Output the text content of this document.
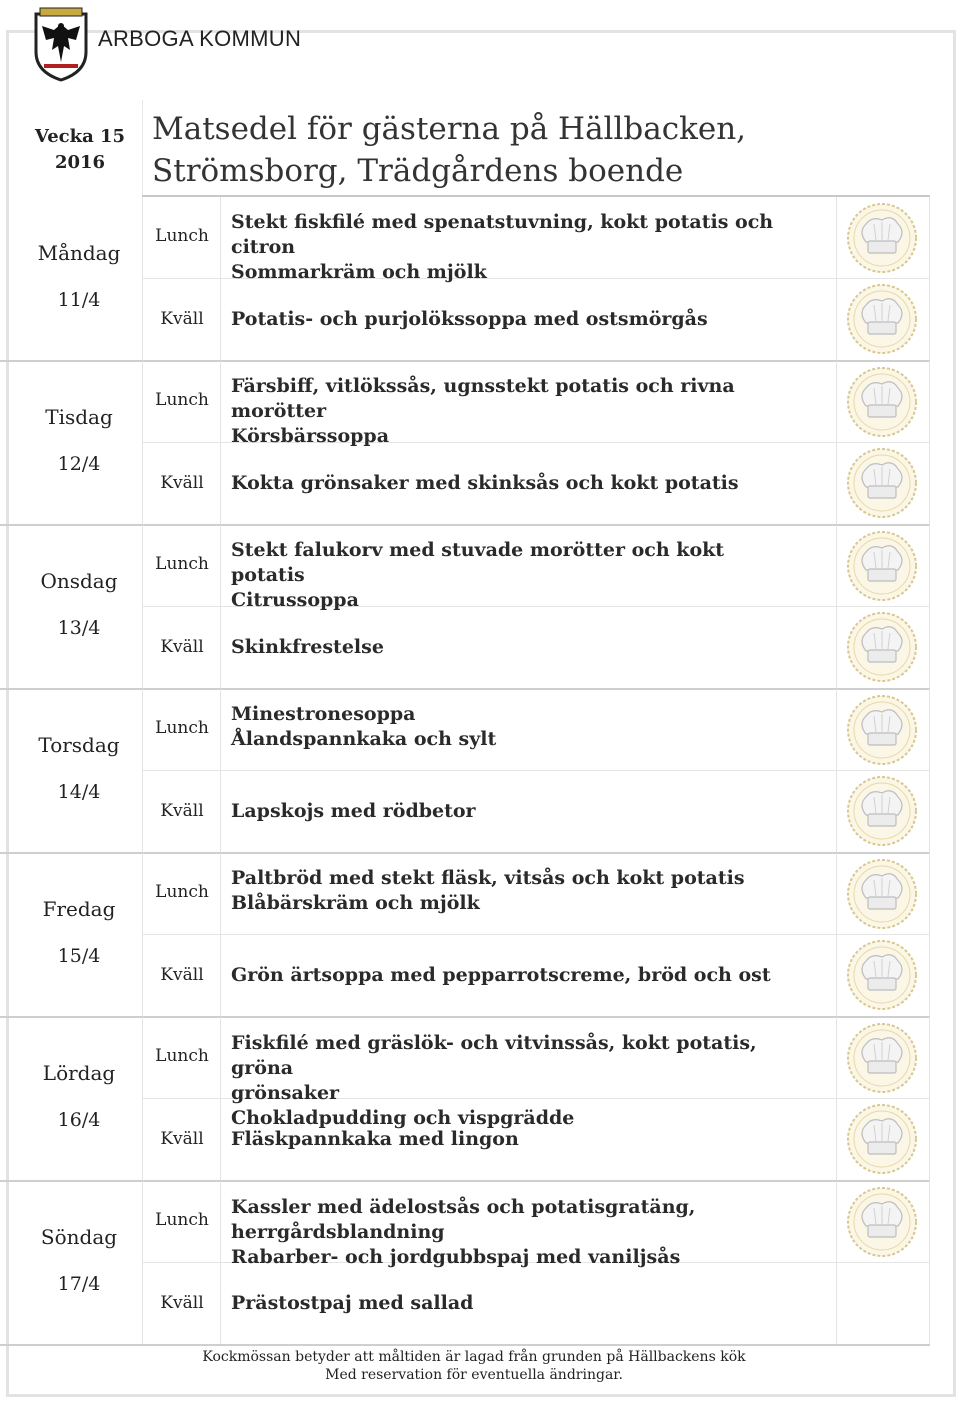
ARBOGA KOMMUN
Vecka 15
2016
Matsedel för gästerna på Hällbacken,
Strömsborg, Trädgårdens boende
Måndag
11/4
Lunch
Kväll
Stekt fiskfilé med spenatstuvning, kokt potatis och citron
Sommarkräm och mjölk
Potatis- och purjolökssoppa med ostsmörgås
Tisdag
12/4
Lunch
Kväll
Färsbiff, vitlökssås, ugnsstekt potatis och rivna morötter
Körsbärssoppa
Kokta grönsaker med skinksås och kokt potatis
Onsdag
13/4
Lunch
Kväll
Stekt falukorv med stuvade morötter och kokt potatis
Citrussoppa
Skinkfrestelse
Torsdag
14/4
Lunch
Kväll
Minestronesoppa
Ålandspannkaka och sylt
Lapskojs med rödbetor
Fredag
15/4
Lunch
Kväll
Paltbröd med stekt fläsk, vitsås och kokt potatis
Blåbärskräm och mjölk
Grön ärtsoppa med pepparrotscreme, bröd och ost
Lördag
16/4
Lunch
Kväll
Fiskfilé med gräslök- och vitvinssås, kokt potatis, gröna
grönsaker
Chokladpudding och vispgrädde
Fläskpannkaka med lingon
Söndag
17/4
Lunch
Kväll
Kassler med ädelostsås och potatisgratäng,
herrgårdsblandning
Rabarber- och jordgubbspaj med vaniljsås
Prästostpaj med sallad
Kockmössan betyder att måltiden är lagad från grunden på Hällbackens kök
Med reservation för eventuella ändringar.
